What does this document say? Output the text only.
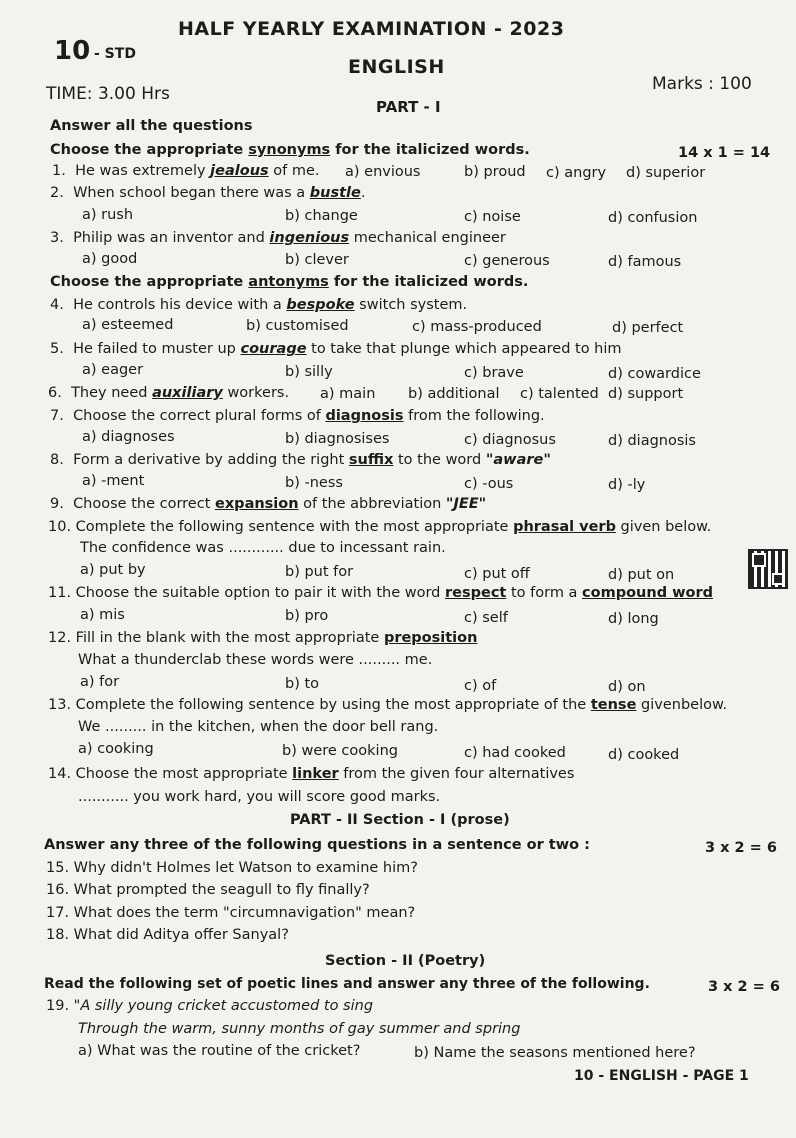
HALF YEARLY EXAMINATION - 2023
10 - STD
ENGLISH
Marks : 100
TIME: 3.00 Hrs
PART - I
Answer all the questions
Choose the appropriate synonyms for the italicized words.	14 x 1 = 14
1. He was extremely jealous of me. a) envious	b) proud c) angry d) superior
2. When school began there was a bustle.
a) rush	b) change	c) noise	d) confusion
3. Philip was an inventor and ingenious mechanical engineer
a) good	b) clever	c) generous	d) famous
Choose the appropriate antonyms for the italicized words.
4. He controls his device with a bespoke switch system.
a) esteemed	b) customised	c) mass-produced	d) perfect
5. He failed to muster up courage to take that plunge which appeared to him
a) eager	b) silly	c) brave	d) cowardice
6. They need auxiliary workers. a) main b) additional c) talented d) support
7. Choose the correct plural forms of diagnosis from the following.
a) diagnoses	b) diagnosises	c) diagnosus	d) diagnosis
8. Form a derivative by adding the right suffix to the word "aware"
a) -ment	b) -ness	c) -ous	d) -ly
9. Choose the correct expansion of the abbreviation "JEE"
10. Complete the following sentence with the most appropriate phrasal verb given below.
The confidence was ............ due to incessant rain.
a) put by	b) put for	c) put off	d) put on
11. Choose the suitable option to pair it with the word respect to form a compound word
a) mis	b) pro	c) self	d) long
12. Fill in the blank with the most appropriate preposition
What a thunderclab these words were ......... me.
a) for	b) to	c) of	d) on
13. Complete the following sentence by using the most appropriate of the tense givenbelow.
We ......... in the kitchen, when the door bell rang.
a) cooking	b) were cooking	c) had cooked	d) cooked
14. Choose the most appropriate linker from the given four alternatives
........... you work hard, you will score good marks.
PART - II Section - I (prose)
Answer any three of the following questions in a sentence or two :	3 x 2 = 6
15. Why didn't Holmes let Watson to examine him?
16. What prompted the seagull to fly finally?
17. What does the term "circumnavigation" mean?
18. What did Aditya offer Sanyal?
Section - II (Poetry)
Read the following set of poetic lines and answer any three of the following.	3 x 2 = 6
19. "A silly young cricket accustomed to sing
Through the warm, sunny months of gay summer and spring
a) What was the routine of the cricket?	b) Name the seasons mentioned here?
10 - ENGLISH - PAGE 1
